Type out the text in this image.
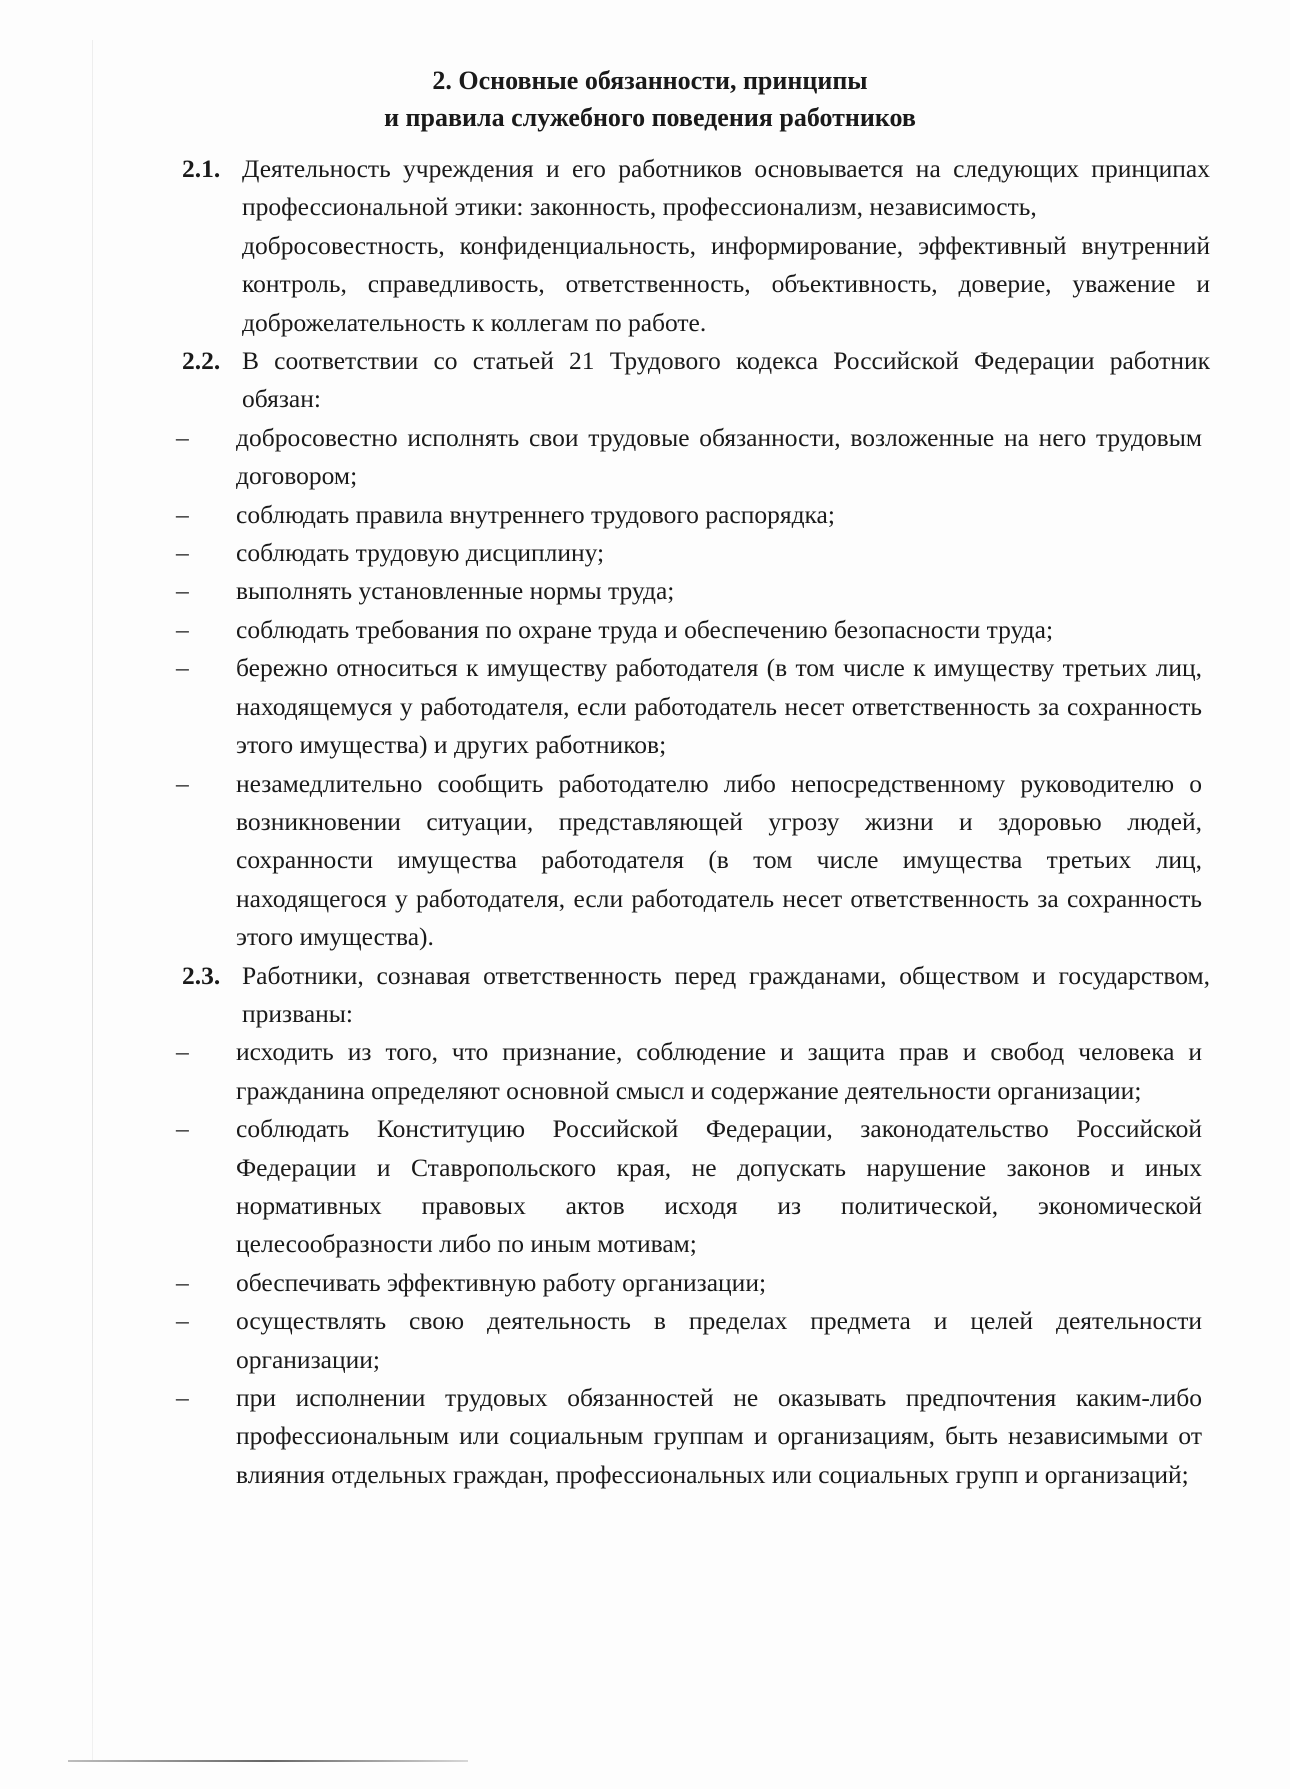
2. Основные обязанности, принципы
и правила служебного поведения работников
2.1. Деятельность учреждения и его работников основывается на следующих принципах профессиональной этики: законность, профессионализм, независимость,
добросовестность, конфиденциальность, информирование, эффективный внутренний контроль, справедливость, ответственность, объективность, доверие, уважение и доброжелательность к коллегам по работе.
2.2. В соответствии со статьей 21 Трудового кодекса Российской Федерации работник обязан:
– добросовестно исполнять свои трудовые обязанности, возложенные на него трудовым договором;
– соблюдать правила внутреннего трудового распорядка;
– соблюдать трудовую дисциплину;
– выполнять установленные нормы труда;
– соблюдать требования по охране труда и обеспечению безопасности труда;
– бережно относиться к имуществу работодателя (в том числе к имуществу третьих лиц, находящемуся у работодателя, если работодатель несет ответственность за сохранность этого имущества) и других работников;
– незамедлительно сообщить работодателю либо непосредственному руководителю о возникновении ситуации, представляющей угрозу жизни и здоровью людей, сохранности имущества работодателя (в том числе имущества третьих лиц, находящегося у работодателя, если работодатель несет ответственность за сохранность этого имущества).
2.3. Работники, сознавая ответственность перед гражданами, обществом и государством, призваны:
– исходить из того, что признание, соблюдение и защита прав и свобод человека и гражданина определяют основной смысл и содержание деятельности организации;
– соблюдать Конституцию Российской Федерации, законодательство Российской Федерации и Ставропольского края, не допускать нарушение законов и иных нормативных правовых актов исходя из политической, экономической целесообразности либо по иным мотивам;
– обеспечивать эффективную работу организации;
– осуществлять свою деятельность в пределах предмета и целей деятельности организации;
– при исполнении трудовых обязанностей не оказывать предпочтения каким-либо профессиональным или социальным группам и организациям, быть независимыми от влияния отдельных граждан, профессиональных или социальных групп и организаций;
